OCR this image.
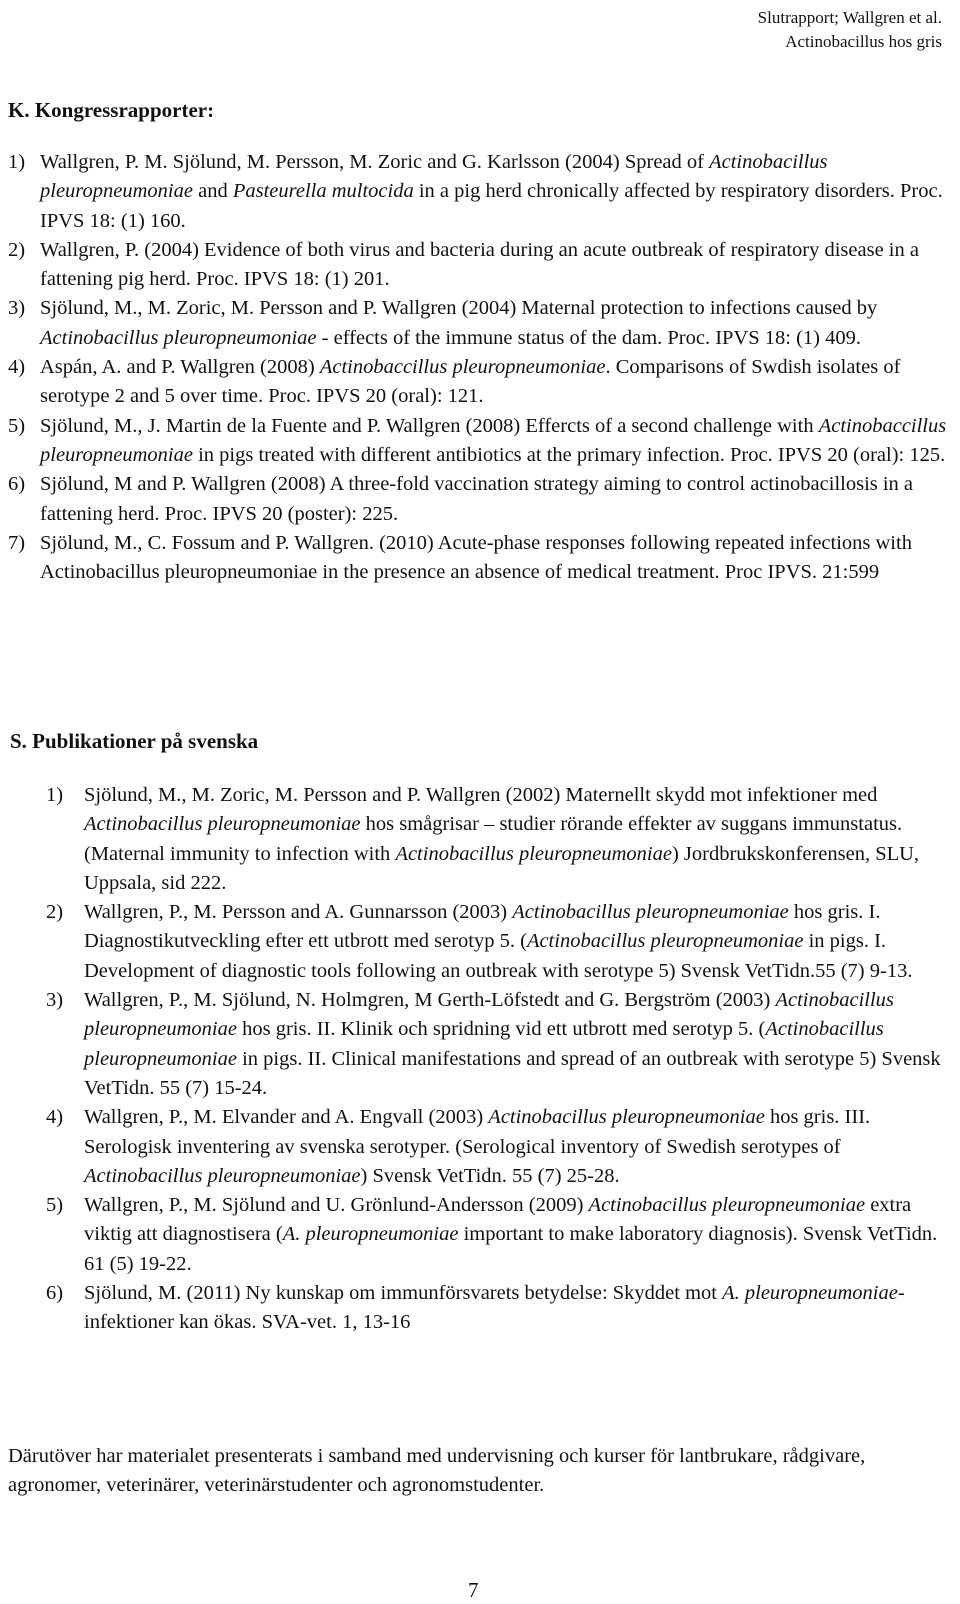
Slutrapport; Wallgren et al.
Actinobacillus hos gris
K. Kongressrapporter:
1) Wallgren, P. M. Sjölund, M. Persson, M. Zoric and G. Karlsson (2004) Spread of Actinobacillus pleuropneumoniae and Pasteurella multocida in a pig herd chronically affected by respiratory disorders. Proc. IPVS 18: (1) 160.
2) Wallgren, P. (2004) Evidence of both virus and bacteria during an acute outbreak of respiratory disease in a fattening pig herd. Proc. IPVS 18: (1) 201.
3) Sjölund, M., M. Zoric, M. Persson and P. Wallgren (2004) Maternal protection to infections caused by Actinobacillus pleuropneumoniae - effects of the immune status of the dam. Proc. IPVS 18: (1) 409.
4) Aspán, A. and P. Wallgren (2008) Actinobaccillus pleuropneumoniae. Comparisons of Swdish isolates of serotype 2 and 5 over time. Proc. IPVS 20 (oral): 121.
5) Sjölund, M., J. Martin de la Fuente and P. Wallgren (2008) Effercts of a second challenge with Actinobaccillus pleuropneumoniae in pigs treated with different antibiotics at the primary infection. Proc. IPVS 20 (oral): 125.
6) Sjölund, M and P. Wallgren (2008) A three-fold vaccination strategy aiming to control actinobacillosis in a fattening herd. Proc. IPVS 20 (poster): 225.
7) Sjölund, M., C. Fossum and P. Wallgren. (2010) Acute-phase responses following repeated infections with Actinobacillus pleuropneumoniae in the presence an absence of medical treatment. Proc IPVS. 21:599
S. Publikationer på svenska
1) Sjölund, M., M. Zoric, M. Persson and P. Wallgren (2002) Maternellt skydd mot infektioner med Actinobacillus pleuropneumoniae hos smågrisar – studier rörande effekter av suggans immunstatus. (Maternal immunity to infection with Actinobacillus pleuropneumoniae) Jordbrukskonferensen, SLU, Uppsala, sid 222.
2) Wallgren, P., M. Persson and A. Gunnarsson (2003) Actinobacillus pleuropneumoniae hos gris. I. Diagnostikutveckling efter ett utbrott med serotyp 5. (Actinobacillus pleuropneumoniae in pigs. I. Development of diagnostic tools following an outbreak with serotype 5) Svensk VetTidn.55 (7) 9-13.
3) Wallgren, P., M. Sjölund, N. Holmgren, M Gerth-Löfstedt and G. Bergström (2003) Actinobacillus pleuropneumoniae hos gris. II. Klinik och spridning vid ett utbrott med serotyp 5. (Actinobacillus pleuropneumoniae in pigs. II. Clinical manifestations and spread of an outbreak with serotype 5) Svensk VetTidn. 55 (7) 15-24.
4) Wallgren, P., M. Elvander and A. Engvall (2003) Actinobacillus pleuropneumoniae hos gris. III. Serologisk inventering av svenska serotyper. (Serological inventory of Swedish serotypes of Actinobacillus pleuropneumoniae) Svensk VetTidn. 55 (7) 25-28.
5) Wallgren, P., M. Sjölund and U. Grönlund-Andersson (2009) Actinobacillus pleuropneumoniae extra viktig att diagnostisera (A. pleuropneumoniae important to make laboratory diagnosis). Svensk VetTidn. 61 (5) 19-22.
6) Sjölund, M. (2011) Ny kunskap om immunförsvarets betydelse: Skyddet mot A. pleuropneumoniae-infektioner kan ökas. SVA-vet. 1, 13-16

Därutöver har materialet presenterats i samband med undervisning och kurser för lantbrukare, rådgivare, agronomer, veterinärer, veterinärstudenter och agronomstudenter.

7
